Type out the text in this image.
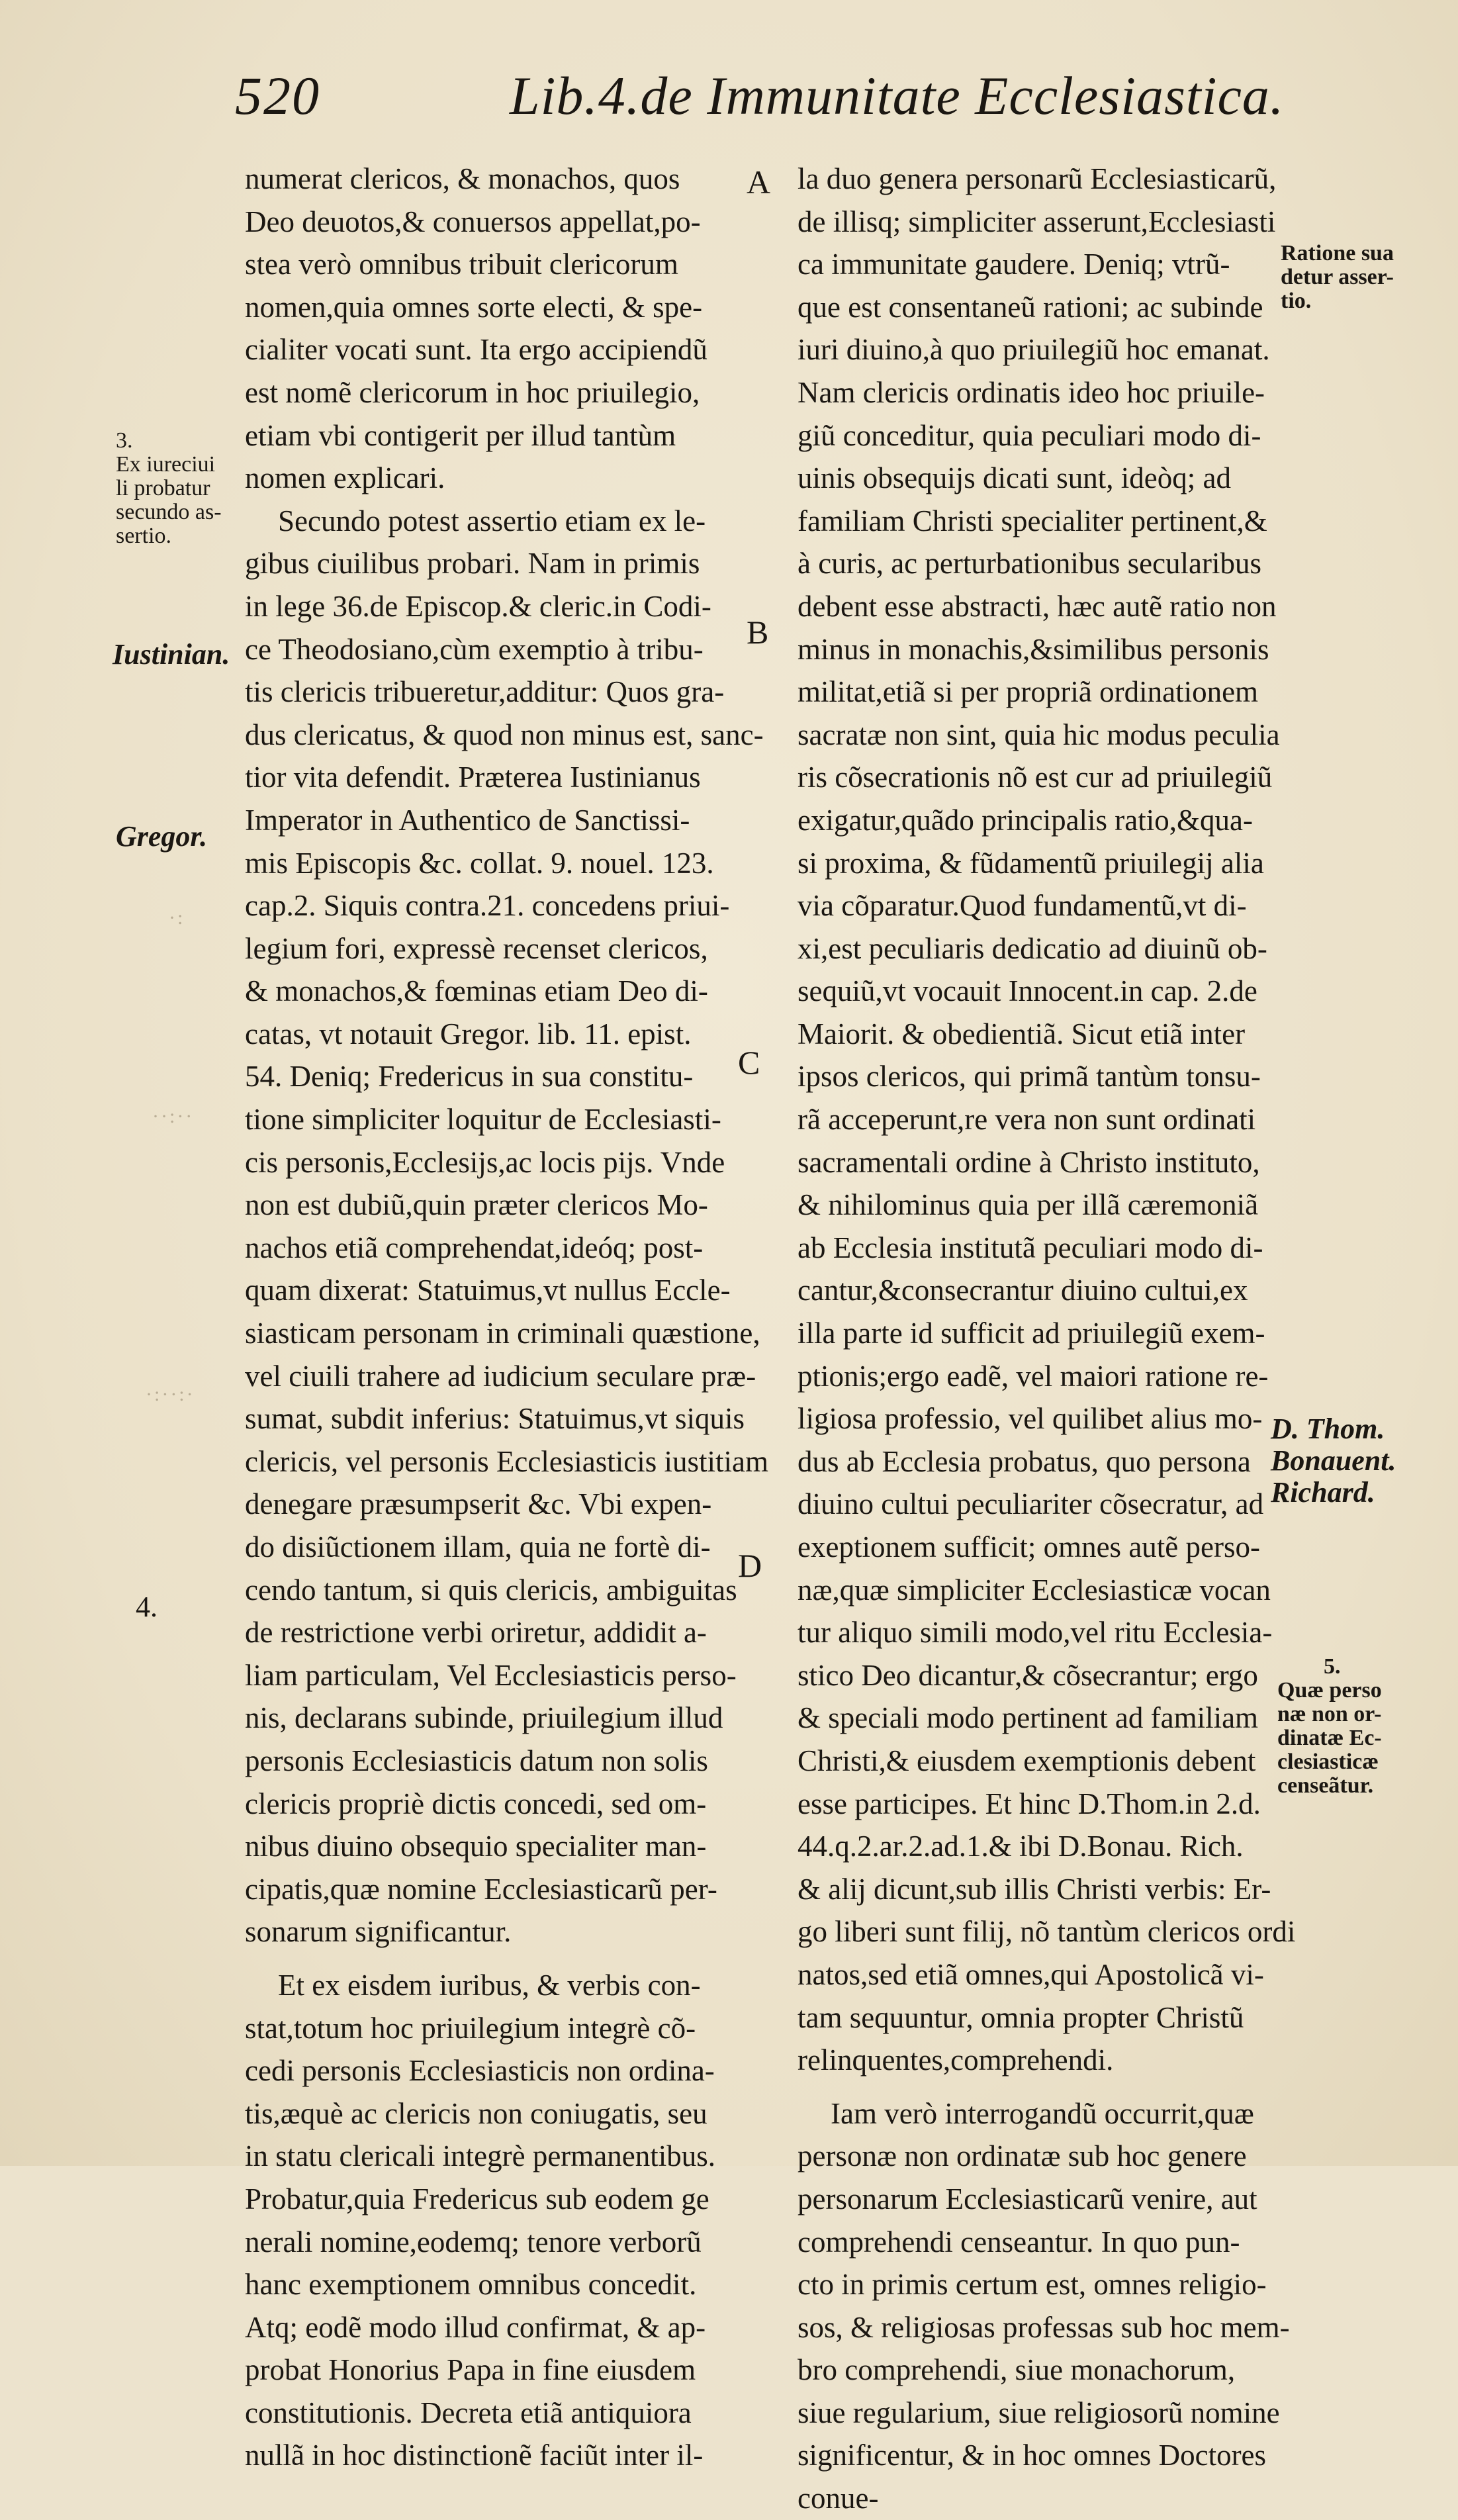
520	Lib.4.de Immunitate Ecclesiastica.
3.
Ex iureciui
li probatur
secundo as-
sertio.
Iustinian.
Gregor.
4.
·:
··:··
·:··:·
A
B
C
D
Ratione sua
detur asser-
tio.
D. Thom.
Bonauent.
Richard.
5.
Quæ perso
næ non or-
dinatæ Ec-
clesiasticæ
censeãtur.
numerat clericos, & monachos, quos
Deo deuotos,& conuersos appellat,po-
stea verò omnibus tribuit clericorum
nomen,quia omnes sorte electi, & spe-
cialiter vocati sunt. Ita ergo accipiendũ
est nomẽ clericorum in hoc priuilegio,
etiam vbi contigerit per illud tantùm
nomen explicari.
Secundo potest assertio etiam ex le-
gibus ciuilibus probari. Nam in primis
in lege 36.de Episcop.& cleric.in Codi-
ce Theodosiano,cùm exemptio à tribu-
tis clericis tribueretur,additur: Quos gra-
dus clericatus, & quod non minus est, sanc-
tior vita defendit. Præterea Iustinianus
Imperator in Authentico de Sanctissi-
mis Episcopis &c. collat. 9. nouel. 123.
cap.2. Siquis contra.21. concedens priui-
legium fori, expressè recenset clericos,
& monachos,& fœminas etiam Deo di-
catas, vt notauit Gregor. lib. 11. epist.
54. Deniq; Fredericus in sua constitu-
tione simpliciter loquitur de Ecclesiasti-
cis personis,Ecclesijs,ac locis pijs. Vnde
non est dubiũ,quin præter clericos Mo-
nachos etiã comprehendat,ideóq; post-
quam dixerat: Statuimus,vt nullus Eccle-
siasticam personam in criminali quæstione,
vel ciuili trahere ad iudicium seculare præ-
sumat, subdit inferius: Statuimus,vt siquis
clericis, vel personis Ecclesiasticis iustitiam
denegare præsumpserit &c. Vbi expen-
do disiũctionem illam, quia ne fortè di-
cendo tantum, si quis clericis, ambiguitas
de restrictione verbi oriretur, addidit a-
liam particulam, Vel Ecclesiasticis perso-
nis, declarans subinde, priuilegium illud
personis Ecclesiasticis datum non solis
clericis propriè dictis concedi, sed om-
nibus diuino obsequio specialiter man-
cipatis,quæ nomine Ecclesiasticarũ per-
sonarum significantur.
Et ex eisdem iuribus, & verbis con-
stat,totum hoc priuilegium integrè cõ-
cedi personis Ecclesiasticis non ordina-
tis,æquè ac clericis non coniugatis, seu
in statu clericali integrè permanentibus.
Probatur,quia Fredericus sub eodem ge
nerali nomine,eodemq; tenore verborũ
hanc exemptionem omnibus concedit.
Atq; eodẽ modo illud confirmat, & ap-
probat Honorius Papa in fine eiusdem
constitutionis. Decreta etiã antiquiora
nullã in hoc distinctionẽ faciũt inter il-
la duo genera personarũ Ecclesiasticarũ,
de illisq; simpliciter asserunt,Ecclesiasti
ca immunitate gaudere. Deniq; vtrũ-
que est consentaneũ rationi; ac subinde
iuri diuino,à quo priuilegiũ hoc emanat.
Nam clericis ordinatis ideo hoc priuile-
giũ conceditur, quia peculiari modo di-
uinis obsequijs dicati sunt, ideòq; ad
familiam Christi specialiter pertinent,&
à curis, ac perturbationibus secularibus
debent esse abstracti, hæc autẽ ratio non
minus in monachis,&similibus personis
militat,etiã si per propriã ordinationem
sacratæ non sint, quia hic modus peculia
ris cõsecrationis nõ est cur ad priuilegiũ
exigatur,quãdo principalis ratio,&qua-
si proxima, & fũdamentũ priuilegij alia
via cõparatur.Quod fundamentũ,vt di-
xi,est peculiaris dedicatio ad diuinũ ob-
sequiũ,vt vocauit Innocent.in cap. 2.de
Maiorit. & obedientiã. Sicut etiã inter
ipsos clericos, qui primã tantùm tonsu-
rã acceperunt,re vera non sunt ordinati
sacramentali ordine à Christo instituto,
& nihilominus quia per illã cæremoniã
ab Ecclesia institutã peculiari modo di-
cantur,&consecrantur diuino cultui,ex
illa parte id sufficit ad priuilegiũ exem-
ptionis;ergo eadẽ, vel maiori ratione re-
ligiosa professio, vel quilibet alius mo-
dus ab Ecclesia probatus, quo persona
diuino cultui peculiariter cõsecratur, ad
exeptionem sufficit; omnes autẽ perso-
næ,quæ simpliciter Ecclesiasticæ vocan
tur aliquo simili modo,vel ritu Ecclesia-
stico Deo dicantur,& cõsecrantur; ergo
& speciali modo pertinent ad familiam
Christi,& eiusdem exemptionis debent
esse participes. Et hinc D.Thom.in 2.d.
44.q.2.ar.2.ad.1.& ibi D.Bonau. Rich.
& alij dicunt,sub illis Christi verbis: Er-
go liberi sunt filij, nõ tantùm clericos ordi
natos,sed etiã omnes,qui Apostolicã vi-
tam sequuntur, omnia propter Christũ
relinquentes,comprehendi.
Iam verò interrogandũ occurrit,quæ
personæ non ordinatæ sub hoc genere
personarum Ecclesiasticarũ venire, aut
comprehendi censeantur. In quo pun-
cto in primis certum est, omnes religio-
sos, & religiosas professas sub hoc mem-
bro comprehendi, siue monachorum,
siue regularium, siue religiosorũ nomine
significentur, & in hoc omnes Doctores
conue-
